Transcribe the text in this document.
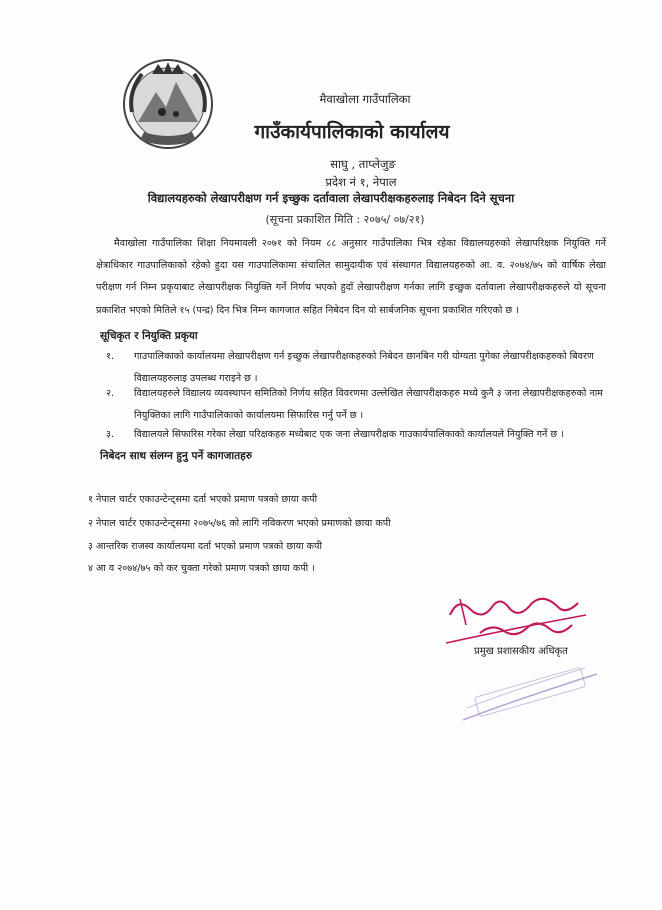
मैवाखोला गाउँपालिका
गाउँकार्यपालिकाको कार्यालय
साघु , ताप्लेजुङ
प्रदेश नं १, नेपाल
विद्यालयहरुको लेखापरीक्षण गर्न इच्छुक दर्तावाला लेखापरीक्षकहरुलाइ निबेदन दिने सूचना
(सूचना प्रकाशित मिति : २०७५/ ०७/२१)
मैवाखोला गाउँपालिका शिक्षा नियमावली २०७१ को नियम ८८ अनुसार गाउँपालिका भित्र रहेका विद्यालयहरुको लेखापरिक्षक नियुक्ति गर्ने क्षेत्राधिकार गाउपालिकाको रहेको हुदा यस गाउपालिकामा संचालित सामुदायीक एवं संस्थागत विद्यालयहरुको आ. व. २०७४/७५ को वार्षिक लेखा परीक्षण गर्न निम्न प्रकृयाबाट लेखापरीक्षक नियुक्ति गर्ने निर्णय भएको हुदाँ लेखापरीक्षण गर्नका लागि इच्छुक दर्तावाला लेखापरीक्षकहरुले यो सूचना प्रकाशित भएको मितिले १५ (पन्द्र) दिन भित्र निम्न कागजात सहित निबेदन दिन यो सार्बजनिक सूचना प्रकाशित गरिएको छ ।
सूचिकृत र नियुक्ति प्रकृया
१.	गाउपालिकाको कार्यालयमा लेखापरीक्षण गर्न इच्छुक लेखापरीक्षकहरुको निबेदन छानबिन गरी योग्यता पुगेका लेखापरीक्षकहरुको बिवरण विद्यालयहरुलाइ उपलब्ध गराइने छ ।
२.	विद्यालयहरुले विद्यालय व्यवस्थापन समितिको निर्णय सहित विवरणमा उल्लेखित लेखापरीक्षकहरु मध्ये कुनै ३ जना लेखापरीक्षकहरुको नाम नियुक्तिका लागि गाउँपालिकाको कार्यालयमा सिफारिस गर्नु पर्ने छ ।
३.	विद्यालयले सिफारिस गरेका लेखा परिक्षकहरु मध्येबाट एक जना लेखापरीक्षक गाउकार्यपालिकाको कार्यालयले नियुक्ति गर्ने छ ।
निबेदन साथ संलग्न हुनु पर्ने कागजातहरु
१ नेपाल चार्टर एकाउन्टेन्ट्समा दर्ता भएको प्रमाण पत्रको छाया कपी
२ नेपाल चार्टर एकाउन्टेन्ट्समा २०७५/७६ को लागि नविकरण भएको प्रमाणको छाया कपी
३ आन्तरिक राजस्व कार्यालयमा दर्ता भएको प्रमाण पत्रको छाया कपी
४ आ व २०७४/७५ को कर चुक्ता गरेको प्रमाण पत्रको छाया कपी ।
प्रमुख प्रशासकीय अधिकृत
